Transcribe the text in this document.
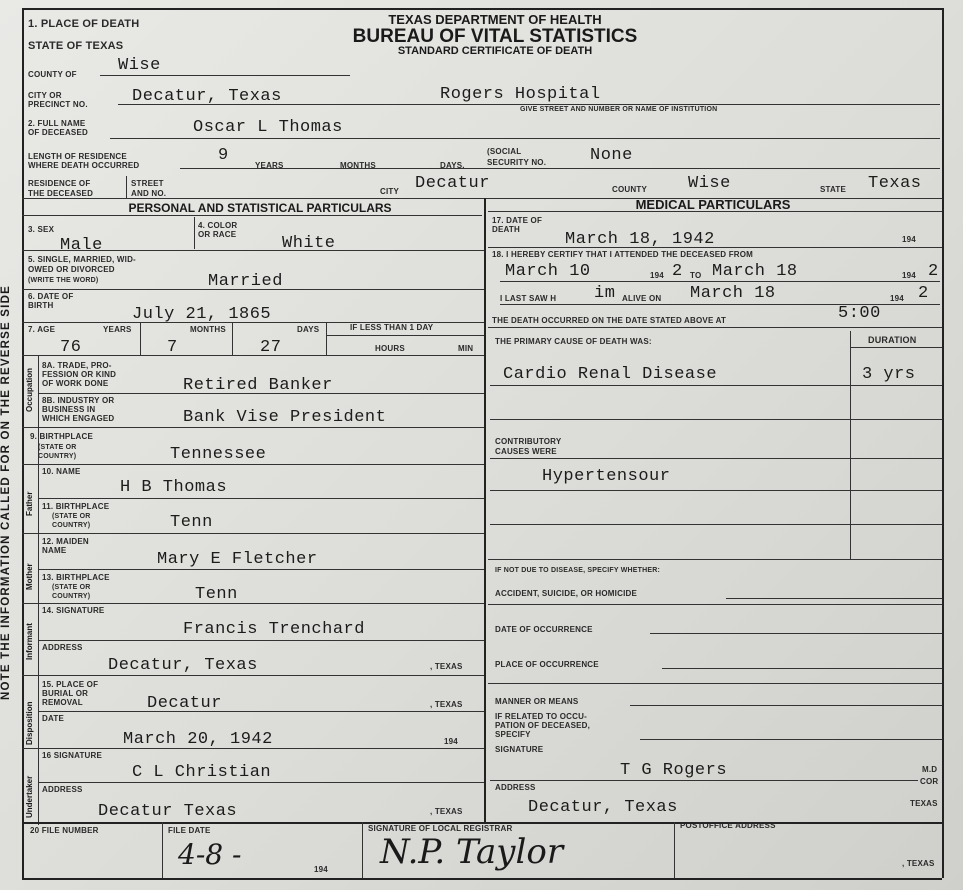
NOTE THE INFORMATION CALLED FOR ON THE REVERSE SIDE
TEXAS DEPARTMENT OF HEALTH
BUREAU OF VITAL STATISTICS
STANDARD CERTIFICATE OF DEATH
1. PLACE OF DEATH
STATE OF TEXAS
COUNTY OF Wise
CITY OR
PRECINCT NO.	Decatur, Texas	Rogers Hospital
GIVE STREET AND NUMBER OR NAME OF INSTITUTION
2. FULL NAME
OF DECEASED	Oscar L Thomas
LENGTH OF RESIDENCE
WHERE DEATH OCCURRED
9
YEARS	MONTHS	DAYS.
(SOCIAL
SECURITY NO.	None
RESIDENCE OF
THE DECEASED
STREET
AND NO.	CITY Decatur	COUNTY Wise	STATE Texas
PERSONAL AND STATISTICAL PARTICULARS	MEDICAL PARTICULARS
3. SEX
Male
4. COLOR
OR RACE	White
5. SINGLE, MARRIED, WID-
OWED OR DIVORCED
(WRITE THE WORD)	Married
6. DATE OF
BIRTH	July 21, 1865
7. AGE	YEARS	MONTHS	DAYS	IF LESS THAN 1 DAY
HOURS	MIN
76	7	27
Occupation
Father
Mother
Informant
Disposition
Undertaker
8A. TRADE, PRO-
FESSION OR KIND
OF WORK DONE	Retired Banker
8B. INDUSTRY OR
BUSINESS IN
WHICH ENGAGED	Bank Vise President
9. BIRTHPLACE
(STATE OR
COUNTRY)	Tennessee
10. NAME
H B Thomas
11. BIRTHPLACE
(STATE OR
COUNTRY)	Tenn
12. MAIDEN
NAME	Mary E Fletcher
13. BIRTHPLACE
(STATE OR
COUNTRY)	Tenn
14. SIGNATURE
Francis Trenchard
ADDRESS
Decatur, Texas	, TEXAS
15. PLACE OF
BURIAL OR
REMOVAL	Decatur	, TEXAS
DATE
March 20, 1942	194
16 SIGNATURE
C L Christian
ADDRESS
Decatur Texas	, TEXAS
20 FILE NUMBER	FILE DATE
4-8 -	194
SIGNATURE OF LOCAL REGISTRAR
N.P. Taylor
POSTOFFICE ADDRESS
, TEXAS
17. DATE OF
DEATH
March 18, 1942	194
18. I HEREBY CERTIFY THAT I ATTENDED THE DECEASED FROM
March 10	194 2 TO March 18	194 2
I LAST SAW H im ALIVE ON March 18	194 2
THE DEATH OCCURRED ON THE DATE STATED ABOVE AT	5:00
THE PRIMARY CAUSE OF DEATH WAS:	DURATION
Cardio Renal Disease	3 yrs
CONTRIBUTORY
CAUSES WERE
Hypertensour
IF NOT DUE TO DISEASE, SPECIFY WHETHER:
ACCIDENT, SUICIDE, OR HOMICIDE
DATE OF OCCURRENCE
PLACE OF OCCURRENCE
MANNER OR MEANS
IF RELATED TO OCCU-
PATION OF DECEASED,
SPECIFY
SIGNATURE
T G Rogers	M.D
COR
ADDRESS
Decatur, Texas	TEXAS
